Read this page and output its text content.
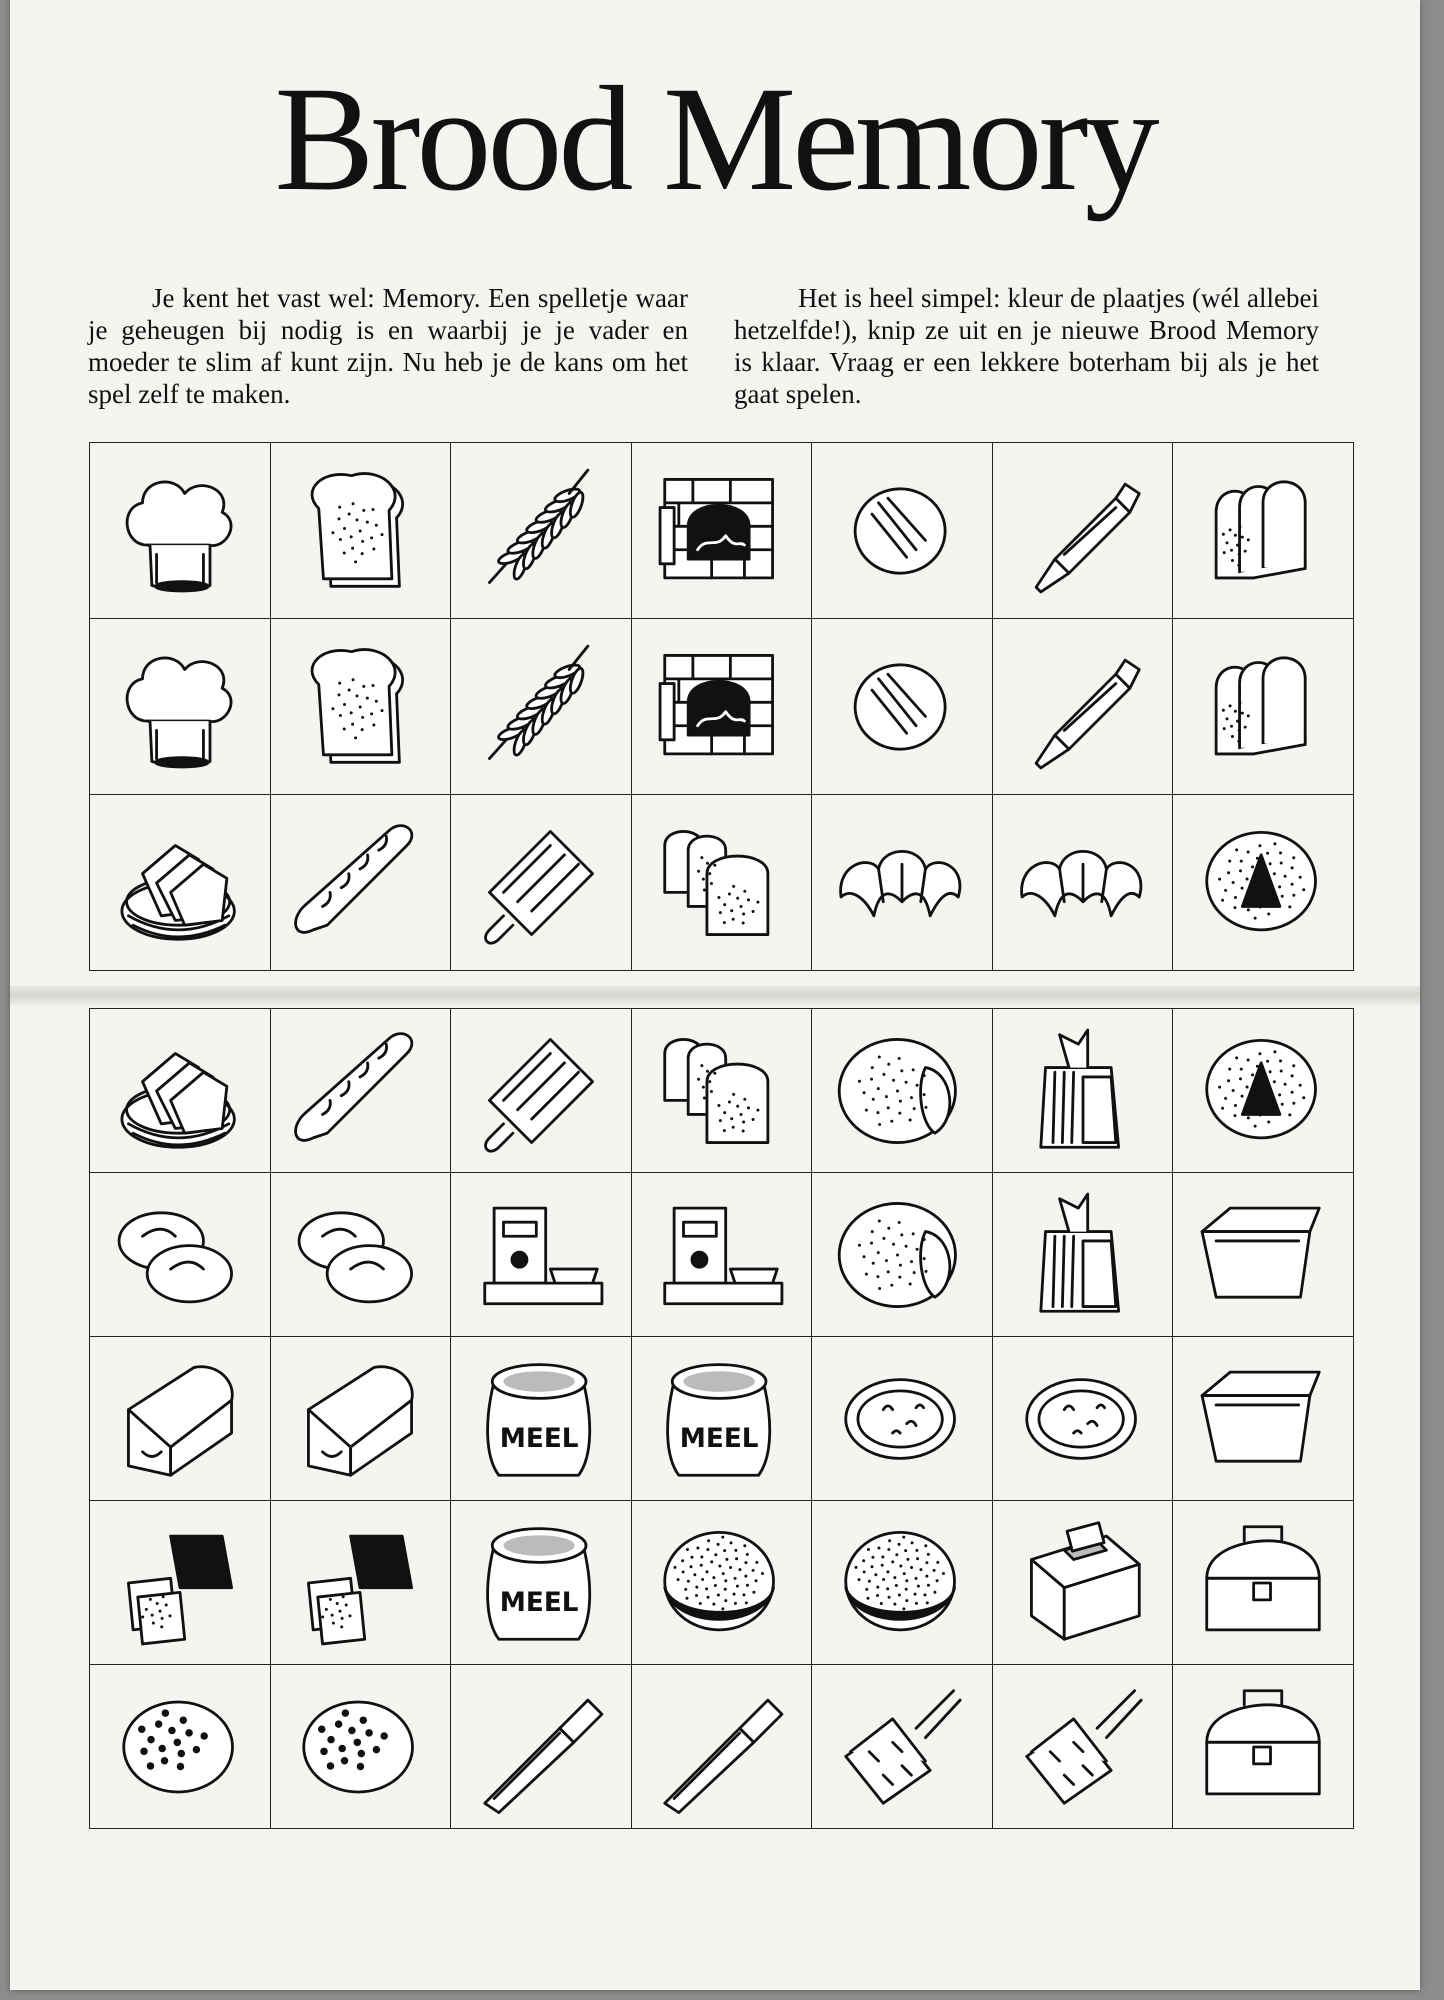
Brood Memory

Je kent het vast wel: Memory. Een spelletje waar je geheugen bij nodig is en waarbij je je vader en moeder te slim af kunt zijn. Nu heb je de kans om het spel zelf te maken.

Het is heel simpel: kleur de plaatjes (wél allebei hetzelfde!), knip ze uit en je nieuwe Brood Memory is klaar. Vraag er een lekkere boterham bij als je het gaat spelen.

MEEL	MEEL
MEEL
